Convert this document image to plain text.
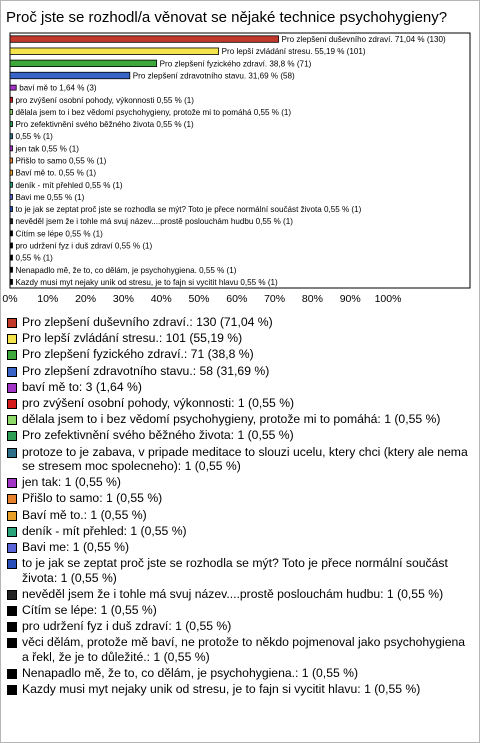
Proč jste se rozhodl/a věnovat se nějaké technice psychohygieny?
Pro zlepšení duševního zdraví. 71,04 % (130)
Pro lepší zvládání stresu. 55,19 % (101)
Pro zlepšení fyzického zdraví. 38,8 % (71)
Pro zlepšení zdravotního stavu. 31,69 % (58)
baví mě to 1,64 % (3)
pro zvýšení osobní pohody, výkonnosti 0,55 % (1)
dělala jsem to i bez vědomí psychohygieny, protože mi to pomáhá 0,55 % (1)
Pro zefektivnění svého běžného života 0,55 % (1)
0,55 % (1)
jen tak 0,55 % (1)
Přišlo to samo 0,55 % (1)
Baví mě to. 0,55 % (1)
deník - mít přehled 0,55 % (1)
Bavi me 0,55 % (1)
to je jak se zeptat proč jste se rozhodla se mýt? Toto je přece normální součást života 0,55 % (1)
nevěděl jsem že i tohle má svuj název....prostě poslouchám hudbu 0,55 % (1)
Cítím se lépe 0,55 % (1)
pro udržení fyz i duš zdraví 0,55 % (1)
0,55 % (1)
Nenapadlo mě, že to, co dělám, je psychohygiena. 0,55 % (1)
Kazdy musi myt nejaky unik od stresu, je to fajn si vycitit hlavu 0,55 % (1)
0% 10% 20% 30% 40% 50% 60% 70% 80% 90% 100%
Pro zlepšení duševního zdraví.: 130 (71,04 %)
Pro lepší zvládání stresu.: 101 (55,19 %)
Pro zlepšení fyzického zdraví.: 71 (38,8 %)
Pro zlepšení zdravotního stavu.: 58 (31,69 %)
baví mě to: 3 (1,64 %)
pro zvýšení osobní pohody, výkonnosti: 1 (0,55 %)
dělala jsem to i bez vědomí psychohygieny, protože mi to pomáhá: 1 (0,55 %)
Pro zefektivnění svého běžného života: 1 (0,55 %)
protoze to je zabava, v pripade meditace to slouzi ucelu, ktery chci (ktery ale nema se stresem moc spolecneho): 1 (0,55 %)
jen tak: 1 (0,55 %)
Přišlo to samo: 1 (0,55 %)
Baví mě to.: 1 (0,55 %)
deník - mít přehled: 1 (0,55 %)
Bavi me: 1 (0,55 %)
to je jak se zeptat proč jste se rozhodla se mýt? Toto je přece normální součást života: 1 (0,55 %)
nevěděl jsem že i tohle má svuj název....prostě poslouchám hudbu: 1 (0,55 %)
Cítím se lépe: 1 (0,55 %)
pro udržení fyz i duš zdraví: 1 (0,55 %)
věci dělám, protože mě baví, ne protože to někdo pojmenoval jako psychohygiena a řekl, že je to důležité.: 1 (0,55 %)
Nenapadlo mě, že to, co dělám, je psychohygiena.: 1 (0,55 %)
Kazdy musi myt nejaky unik od stresu, je to fajn si vycitit hlavu: 1 (0,55 %)
